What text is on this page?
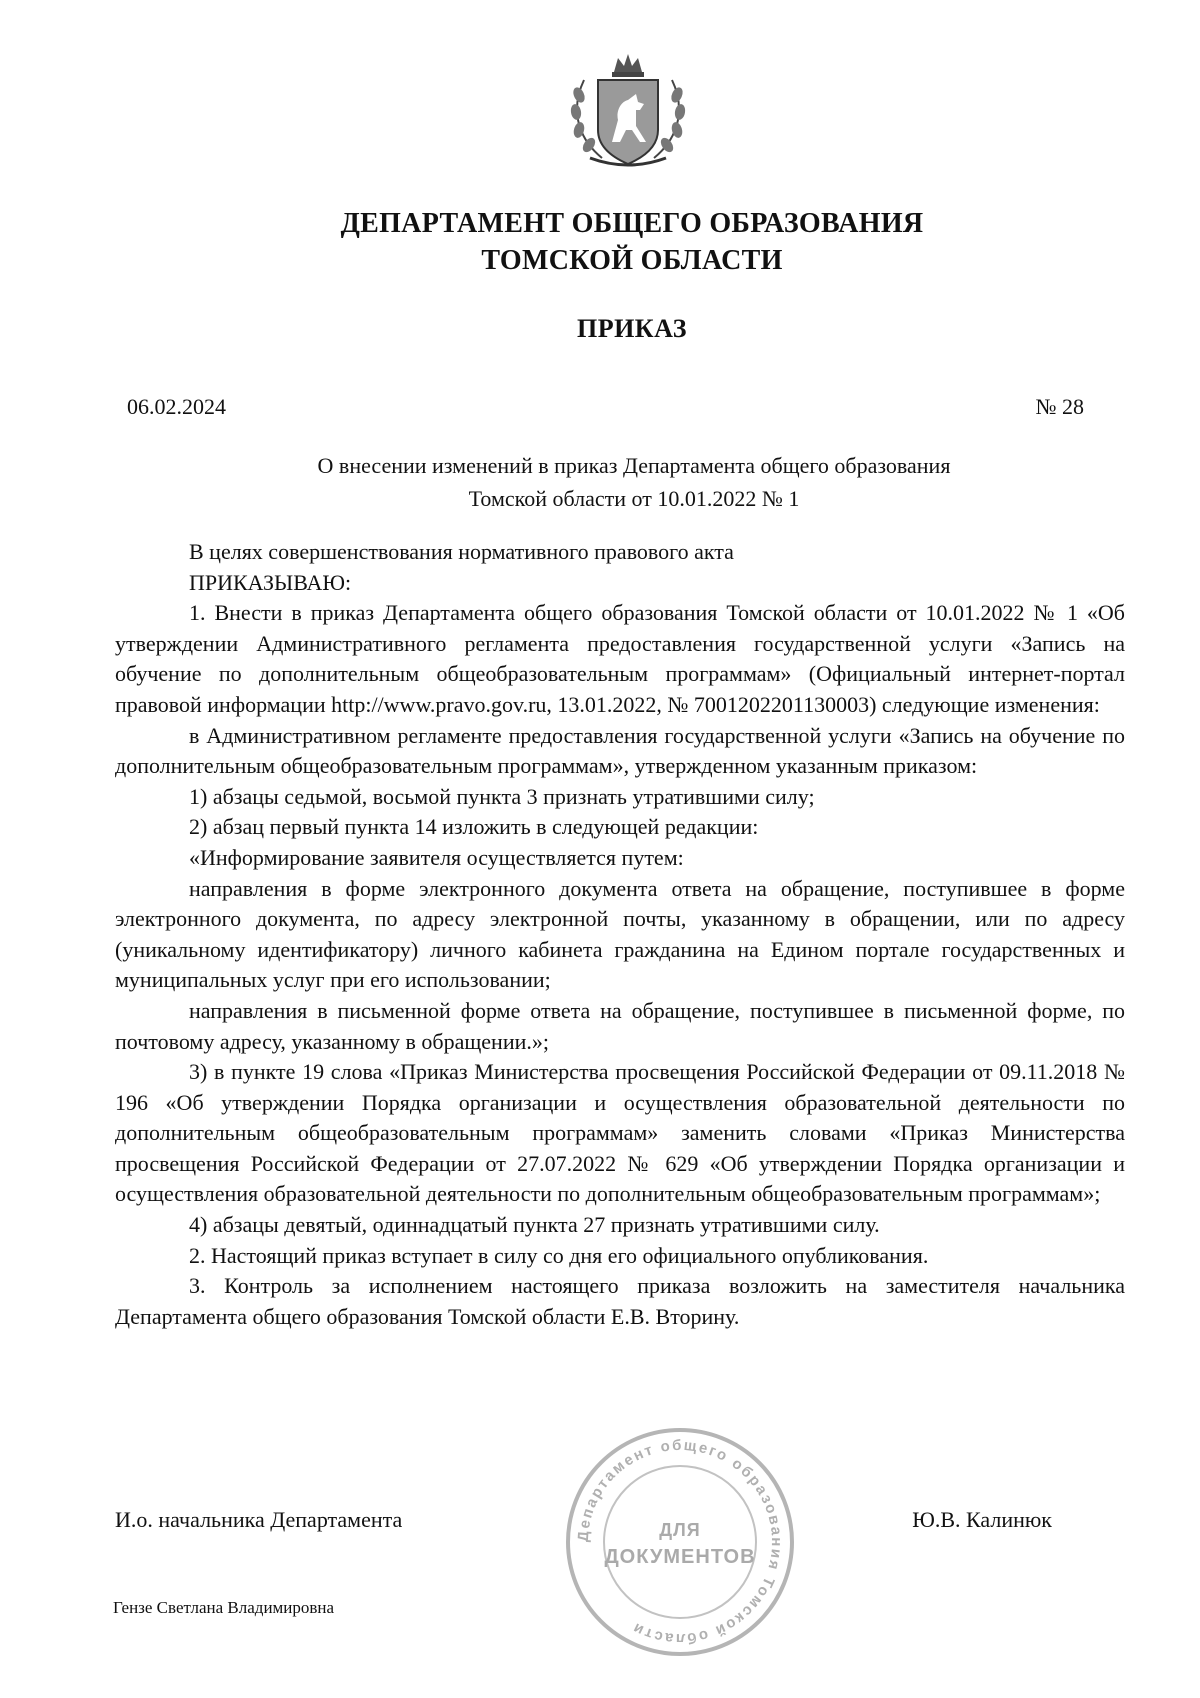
ДЕПАРТАМЕНТ ОБЩЕГО ОБРАЗОВАНИЯ
ТОМСКОЙ ОБЛАСТИ
ПРИКАЗ
06.02.2024	№ 28
О внесении изменений в приказ Департамента общего образования
Томской области от 10.01.2022 № 1

В целях совершенствования нормативного правового акта

ПРИКАЗЫВАЮ:

1. Внести в приказ Департамента общего образования Томской области от 10.01.2022 № 1 «Об утверждении Административного регламента предоставления государственной услуги «Запись на обучение по дополнительным общеобразовательным программам» (Официальный интернет-портал правовой информации http://www.pravo.gov.ru, 13.01.2022, № 7001202201130003) следующие изменения:

в Административном регламенте предоставления государственной услуги «Запись на обучение по дополнительным общеобразовательным программам», утвержденном указанным приказом:

1) абзацы седьмой, восьмой пункта 3 признать утратившими силу;

2) абзац первый пункта 14 изложить в следующей редакции:

«Информирование заявителя осуществляется путем:

направления в форме электронного документа ответа на обращение, поступившее в форме электронного документа, по адресу электронной почты, указанному в обращении, или по адресу (уникальному идентификатору) личного кабинета гражданина на Едином портале государственных и муниципальных услуг при его использовании;

направления в письменной форме ответа на обращение, поступившее в письменной форме, по почтовому адресу, указанному в обращении.»;

3) в пункте 19 слова «Приказ Министерства просвещения Российской Федерации от 09.11.2018 № 196 «Об утверждении Порядка организации и осуществления образовательной деятельности по дополнительным общеобразовательным программам» заменить словами «Приказ Министерства просвещения Российской Федерации от 27.07.2022 № 629 «Об утверждении Порядка организации и осуществления образовательной деятельности по дополнительным общеобразовательным программам»;

4) абзацы девятый, одиннадцатый пункта 27 признать утратившими силу.

2. Настоящий приказ вступает в силу со дня его официального опубликования.

3. Контроль за исполнением настоящего приказа возложить на заместителя начальника Департамента общего образования Томской области Е.В. Вторину.

Департамент общего образования Томской области
ДЛЯ
ДОКУМЕНТОВ
И.о. начальника Департамента	Ю.В. Калинюк
Гензе Светлана Владимировна
